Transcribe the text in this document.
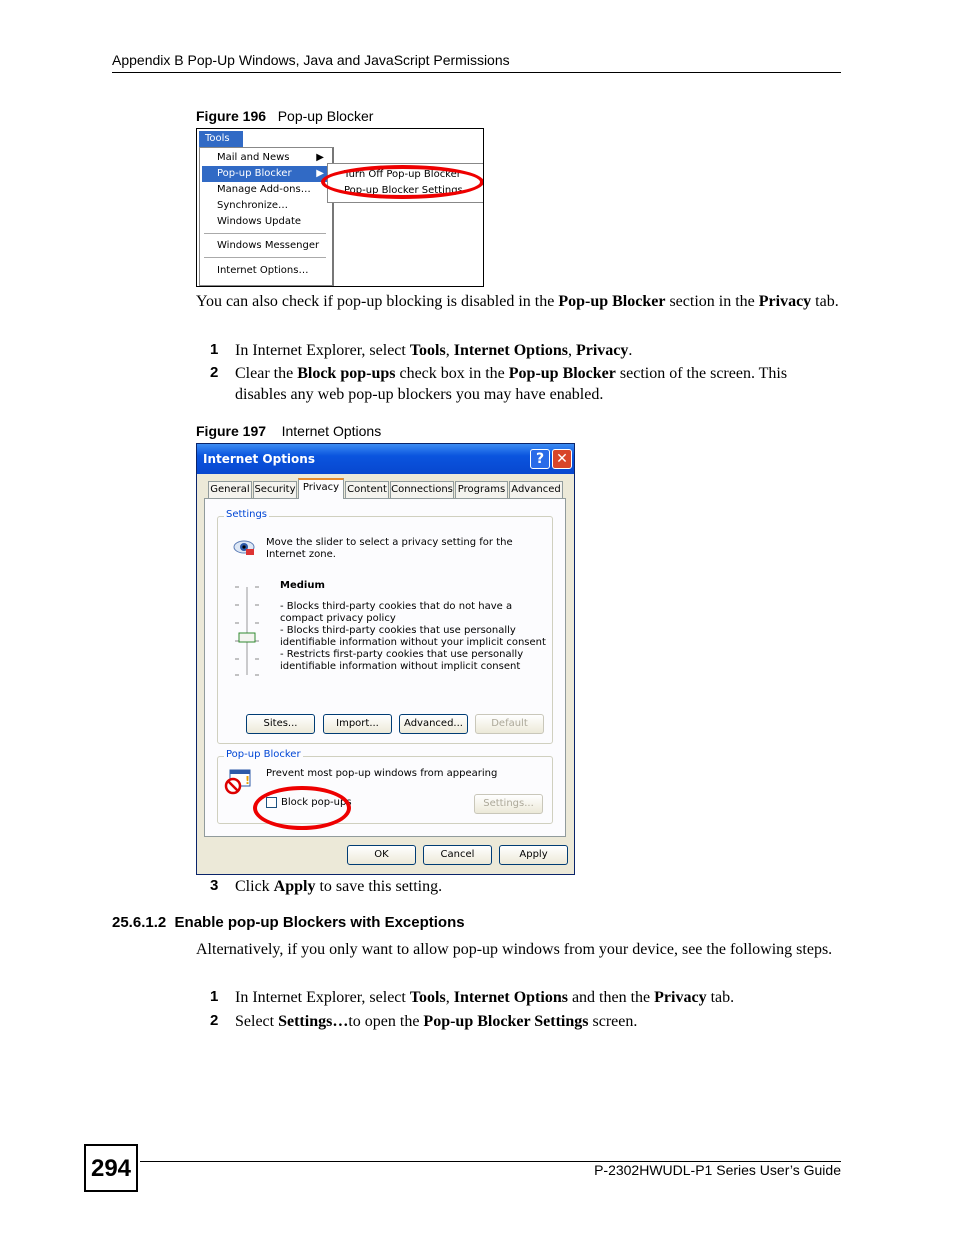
Appendix B Pop-Up Windows, Java and JavaScript Permissions
Figure 196 Pop-up Blocker
Tools
Mail and News	▶
Pop-up Blocker ▶
Manage Add-ons…
Synchronize…
Windows Update
Windows Messenger
Internet Options…
Turn Off Pop-up Blocker
Pop-up Blocker Settings
You can also check if pop-up blocking is disabled in the Pop-up Blocker section in the Privacy tab.
1 In Internet Explorer, select Tools, Internet Options, Privacy.
2 Clear the Block pop-ups check box in the Pop-up Blocker section of the screen. This disables any web pop-up blockers you may have enabled.
Figure 197 Internet Options
Internet Options	? ✕
General Security Privacy Content Connections Programs Advanced
Settings
Move the slider to select a privacy setting for the Internet zone.
Medium
- Blocks third-party cookies that do not have a compact privacy policy
- Blocks third-party cookies that use personally identifiable information without your implicit consent
- Restricts first-party cookies that use personally identifiable information without implicit consent
Sites...	Import...	Advanced...	Default
Pop-up Blocker
!
Prevent most pop-up windows from appearing
Block pop-ups	Settings...
OK	Cancel	Apply
3 Click Apply to save this setting.
25.6.1.2  Enable pop-up Blockers with Exceptions
Alternatively, if you only want to allow pop-up windows from your device, see the following steps.
1 In Internet Explorer, select Tools, Internet Options and then the Privacy tab.
2 Select Settings…to open the Pop-up Blocker Settings screen.
294	P-2302HWUDL-P1 Series User’s Guide
